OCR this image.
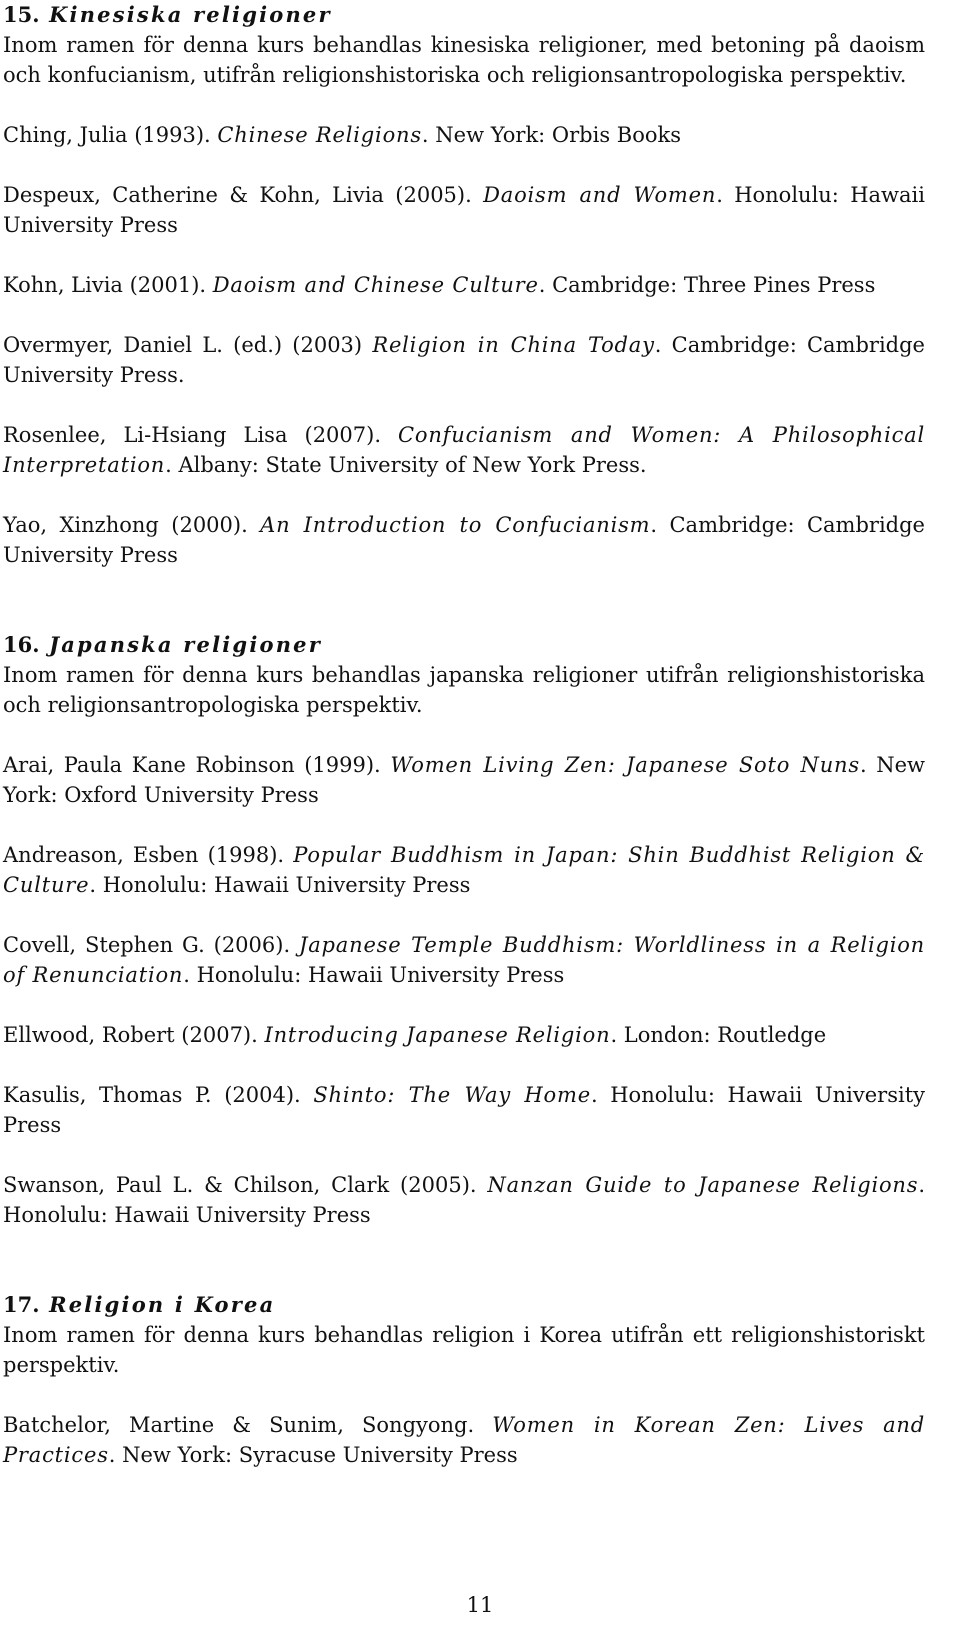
15. Kinesiska religioner

Inom ramen för denna kurs behandlas kinesiska religioner, med betoning på daoism och konfucianism, utifrån religionshistoriska och religionsantropologiska perspektiv.

Ching, Julia (1993). Chinese Religions. New York: Orbis Books

Despeux, Catherine & Kohn, Livia (2005). Daoism and Women. Honolulu: Hawaii University Press

Kohn, Livia (2001). Daoism and Chinese Culture. Cambridge: Three Pines Press

Overmyer, Daniel L. (ed.) (2003) Religion in China Today. Cambridge: Cambridge University Press.

Rosenlee, Li-Hsiang Lisa (2007). Confucianism and Women: A Philosophical Interpretation. Albany: State University of New York Press.

Yao, Xinzhong (2000). An Introduction to Confucianism. Cambridge: Cambridge University Press

16. Japanska religioner

Inom ramen för denna kurs behandlas japanska religioner utifrån religionshistoriska och religionsantropologiska perspektiv.

Arai, Paula Kane Robinson (1999). Women Living Zen: Japanese Soto Nuns. New York: Oxford University Press

Andreason, Esben (1998). Popular Buddhism in Japan: Shin Buddhist Religion & Culture. Honolulu: Hawaii University Press

Covell, Stephen G. (2006). Japanese Temple Buddhism: Worldliness in a Religion of Renunciation. Honolulu: Hawaii University Press

Ellwood, Robert (2007). Introducing Japanese Religion. London: Routledge

Kasulis, Thomas P. (2004). Shinto: The Way Home. Honolulu: Hawaii University Press

Swanson, Paul L. & Chilson, Clark (2005). Nanzan Guide to Japanese Religions. Honolulu: Hawaii University Press

17. Religion i Korea

Inom ramen för denna kurs behandlas religion i Korea utifrån ett religionshistoriskt perspektiv.

Batchelor, Martine & Sunim, Songyong. Women in Korean Zen: Lives and Practices. New York: Syracuse University Press

11
